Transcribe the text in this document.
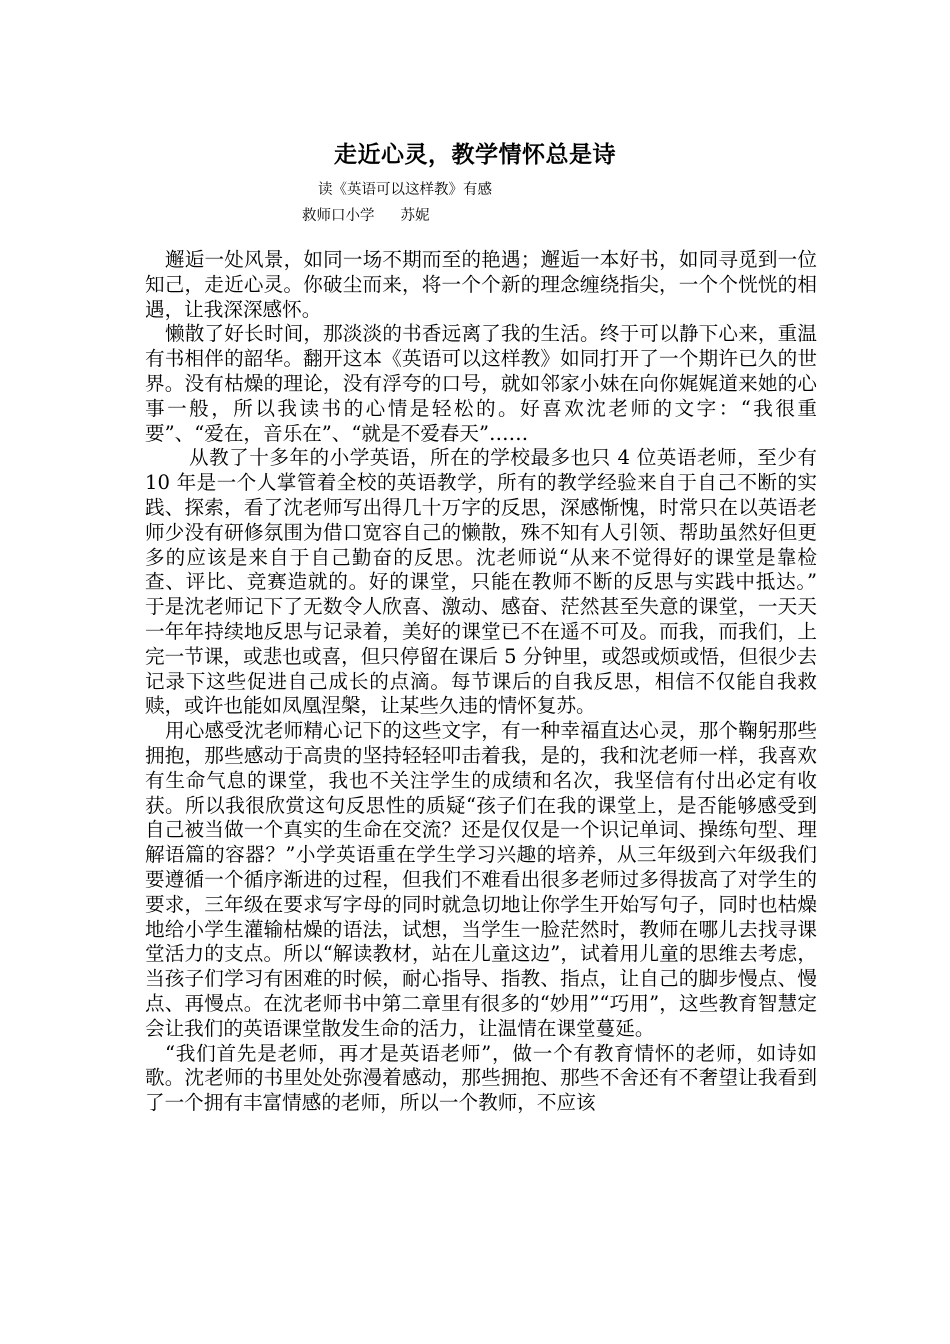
走近心灵，教学情怀总是诗
读《英语可以这样教》有感
救师口小学 苏妮

邂逅一处风景，如同一场不期而至的艳遇；邂逅一本好书，如同寻觅到一位知己，走近心灵。你破尘而来，将一个个新的理念缠绕指尖，一个个恍恍的相遇，让我深深感怀。

懒散了好长时间，那淡淡的书香远离了我的生活。终于可以静下心来，重温有书相伴的韶华。翻开这本《英语可以这样教》如同打开了一个期许已久的世界。没有枯燥的理论，没有浮夸的口号，就如邻家小妹在向你娓娓道来她的心事一般，所以我读书的心情是轻松的。好喜欢沈老师的文字：“我很重要”、“爱在，音乐在”、“就是不爱春天”……

从教了十多年的小学英语，所在的学校最多也只 4 位英语老师，至少有 10 年是一个人掌管着全校的英语教学，所有的教学经验来自于自己不断的实践、探索，看了沈老师写出得几十万字的反思，深感惭愧，时常只在以英语老师少没有研修氛围为借口宽容自己的懒散，殊不知有人引领、帮助虽然好但更多的应该是来自于自己勤奋的反思。沈老师说“从来不觉得好的课堂是靠检查、评比、竞赛造就的。好的课堂，只能在教师不断的反思与实践中抵达。” 于是沈老师记下了无数令人欣喜、激动、感奋、茫然甚至失意的课堂，一天天一年年持续地反思与记录着，美好的课堂已不在遥不可及。而我，而我们，上完一节课，或悲也或喜，但只停留在课后 5 分钟里，或怨或烦或悟，但很少去记录下这些促进自己成长的点滴。每节课后的自我反思，相信不仅能自我救赎，或许也能如凤凰涅槃，让某些久违的情怀复苏。

用心感受沈老师精心记下的这些文字，有一种幸福直达心灵，那个鞠躬那些拥抱，那些感动于高贵的坚持轻轻叩击着我，是的，我和沈老师一样，我喜欢有生命气息的课堂，我也不关注学生的成绩和名次，我坚信有付出必定有收获。所以我很欣赏这句反思性的质疑“孩子们在我的课堂上，是否能够感受到自己被当做一个真实的生命在交流？还是仅仅是一个识记单词、操练句型、理解语篇的容器？”小学英语重在学生学习兴趣的培养，从三年级到六年级我们要遵循一个循序渐进的过程，但我们不难看出很多老师过多得拔高了对学生的要求，三年级在要求写字母的同时就急切地让你学生开始写句子，同时也枯燥地给小学生灌输枯燥的语法，试想，当学生一脸茫然时，教师在哪儿去找寻课堂活力的支点。所以“解读教材，站在儿童这边”，试着用儿童的思维去考虑，当孩子们学习有困难的时候，耐心指导、指教、指点，让自己的脚步慢点、慢点、再慢点。在沈老师书中第二章里有很多的“妙用”“巧用”，这些教育智慧定会让我们的英语课堂散发生命的活力，让温情在课堂蔓延。

“我们首先是老师，再才是英语老师”，做一个有教育情怀的老师，如诗如歌。沈老师的书里处处弥漫着感动，那些拥抱、那些不舍还有不奢望让我看到了一个拥有丰富情感的老师，所以一个教师，不应该
